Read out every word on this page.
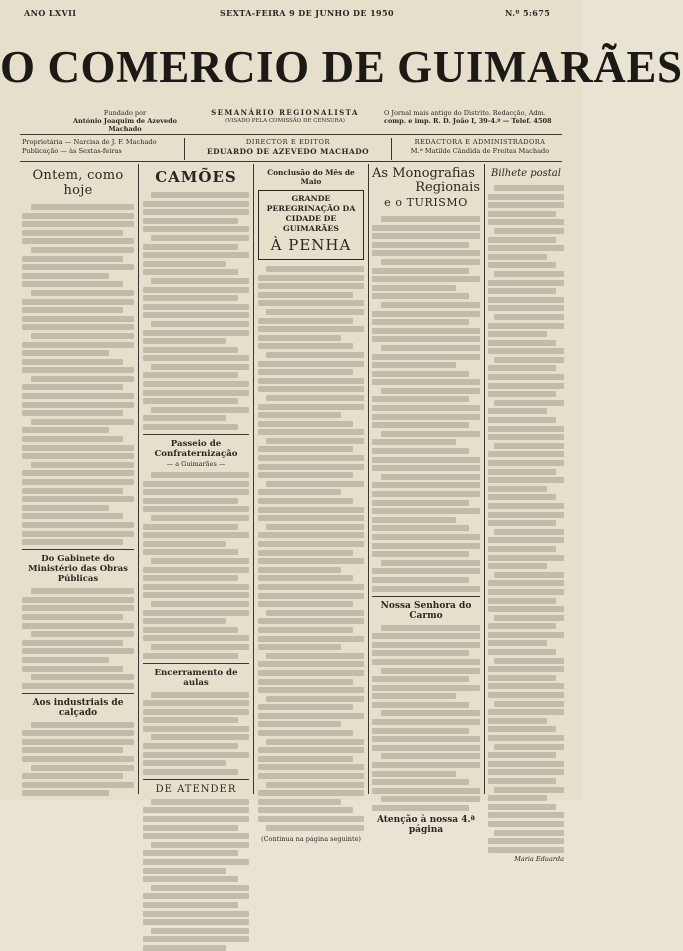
ANO LXVII	SEXTA-FEIRA 9 DE JUNHO DE 1950	N.º 5:675
O COMERCIO DE GUIMARÃES
Fundado por
António Joaquim de Azevedo Machado
SEMANÁRIO REGIONALISTA
(VISADO PELA COMISSÃO DE CENSURA)
O Jornal mais antigo do Distrito. Redacção, Adm.
comp. e imp. R. D. João I, 39-4.º — Telef. 4508
Proprietária — Narcisa de J. F. Machado
Publicação — às Sextas-feiras
DIRECTOR E EDITOR
EDUARDO DE AZEVEDO MACHADO
REDACTORA E ADMINISTRADORA
M.ª Matilde Cândida de Freitas Machado
Ontem, como hoje
Do Gabinete do Ministério das Obras Públicas
Aos industriais de calçado
CAMÕES
Passeio de Confraternização
— a Guimarães —
Encerramento de aulas
DE ATENDER
Conclusão do Mês de Maio
GRANDE PEREGRINAÇÃO DA
CIDADE DE GUIMARÃES
À PENHA
(Continua na página seguinte)
As Monografias
Regionais
e o TURISMO
Nossa Senhora do Carmo
Atenção à nossa 4.ª página
Bilhete postal
Maria Eduarda
